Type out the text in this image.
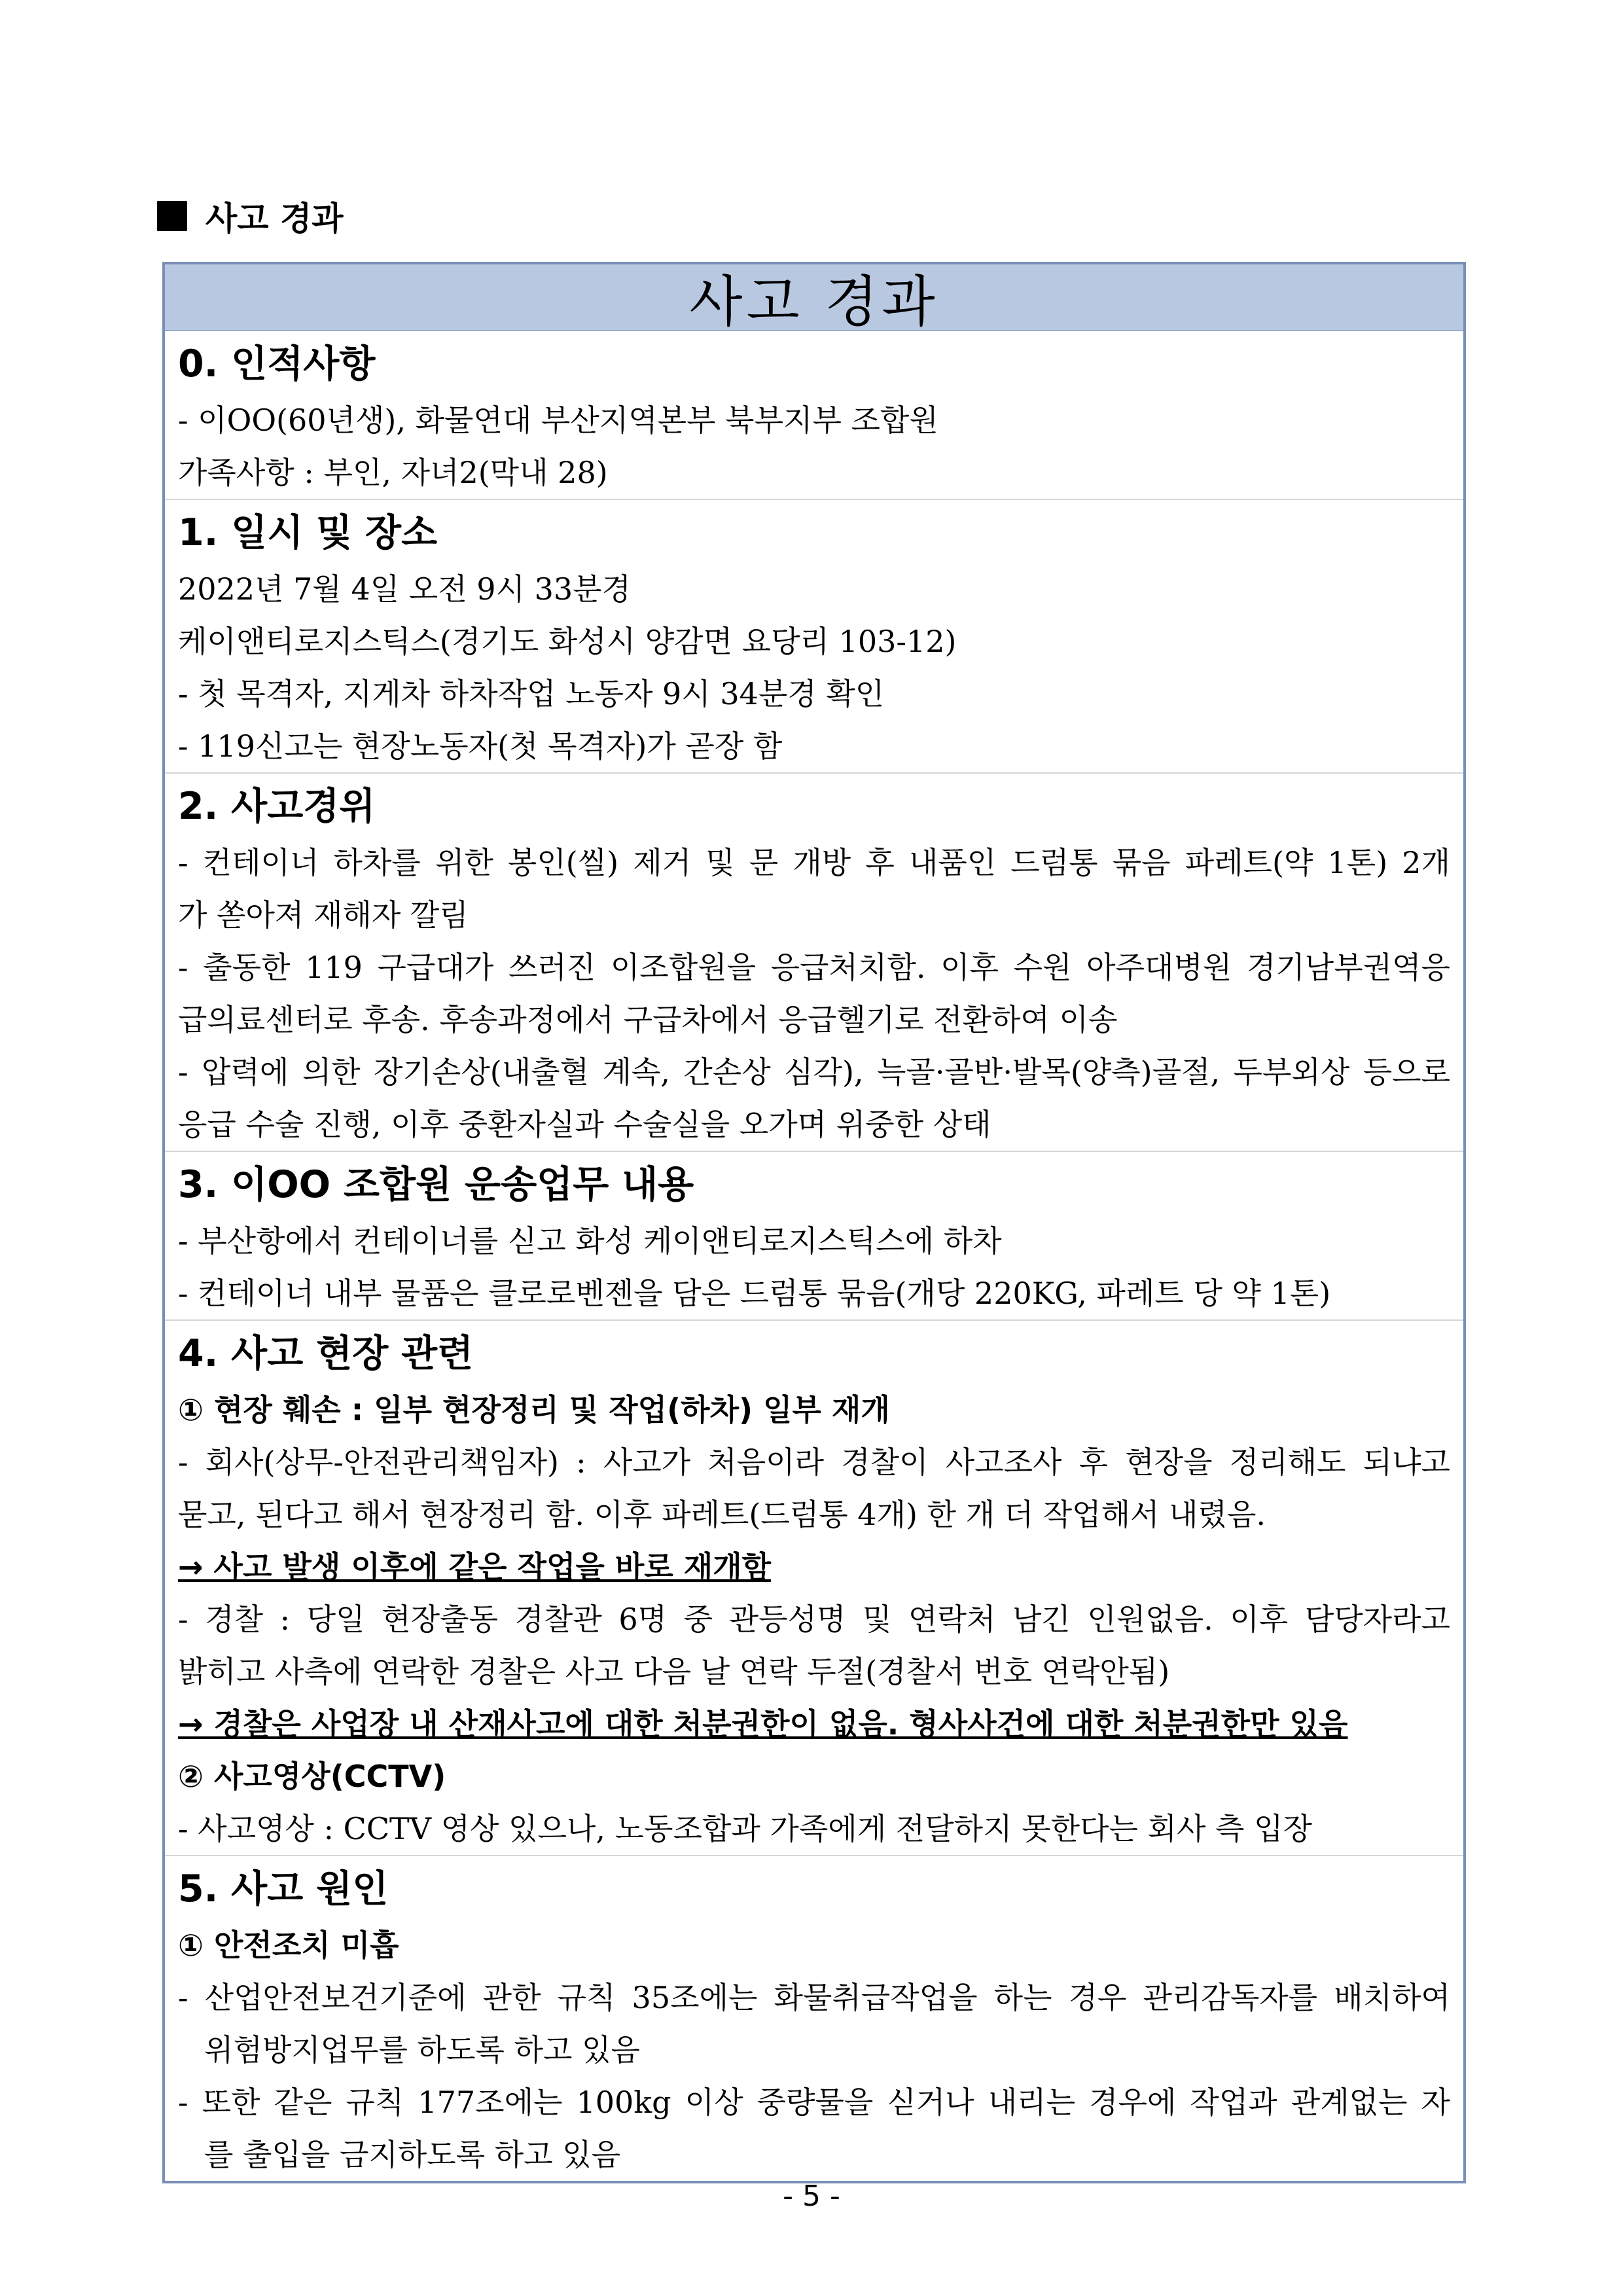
사고 경과
사고 경과
0. 인적사항
- 이OO(60년생), 화물연대 부산지역본부 북부지부 조합원
가족사항 : 부인, 자녀2(막내 28)
1. 일시 및 장소
2022년 7월 4일 오전 9시 33분경
케이앤티로지스틱스(경기도 화성시 양감면 요당리 103-12)
- 첫 목격자, 지게차 하차작업 노동자 9시 34분경 확인
- 119신고는 현장노동자(첫 목격자)가 곧장 함
2. 사고경위
- 컨테이너 하차를 위한 봉인(씰) 제거 및 문 개방 후 내품인 드럼통 묶음 파레트(약 1톤) 2개
가 쏟아져 재해자 깔림
- 출동한 119 구급대가 쓰러진 이조합원을 응급처치함. 이후 수원 아주대병원 경기남부권역응
급의료센터로 후송. 후송과정에서 구급차에서 응급헬기로 전환하여 이송
- 압력에 의한 장기손상(내출혈 계속, 간손상 심각), 늑골·골반·발목(양측)골절, 두부외상 등으로
응급 수술 진행, 이후 중환자실과 수술실을 오가며 위중한 상태
3. 이OO 조합원 운송업무 내용
- 부산항에서 컨테이너를 싣고 화성 케이앤티로지스틱스에 하차
- 컨테이너 내부 물품은 클로로벤젠을 담은 드럼통 묶음(개당 220KG, 파레트 당 약 1톤)
4. 사고 현장 관련
① 현장 훼손 : 일부 현장정리 및 작업(하차) 일부 재개
- 회사(상무-안전관리책임자) : 사고가 처음이라 경찰이 사고조사 후 현장을 정리해도 되냐고
묻고, 된다고 해서 현장정리 함. 이후 파레트(드럼통 4개) 한 개 더 작업해서 내렸음.
→ 사고 발생 이후에 같은 작업을 바로 재개함
- 경찰 : 당일 현장출동 경찰관 6명 중 관등성명 및 연락처 남긴 인원없음. 이후 담당자라고
밝히고 사측에 연락한 경찰은 사고 다음 날 연락 두절(경찰서 번호 연락안됨)
→ 경찰은 사업장 내 산재사고에 대한 처분권한이 없음. 형사사건에 대한 처분권한만 있음
② 사고영상(CCTV)
- 사고영상 : CCTV 영상 있으나, 노동조합과 가족에게 전달하지 못한다는 회사 측 입장
5. 사고 원인
① 안전조치 미흡
- 산업안전보건기준에 관한 규칙 35조에는 화물취급작업을 하는 경우 관리감독자를 배치하여
위험방지업무를 하도록 하고 있음
- 또한 같은 규칙 177조에는 100kg 이상 중량물을 싣거나 내리는 경우에 작업과 관계없는 자
를 출입을 금지하도록 하고 있음
- 5 -
